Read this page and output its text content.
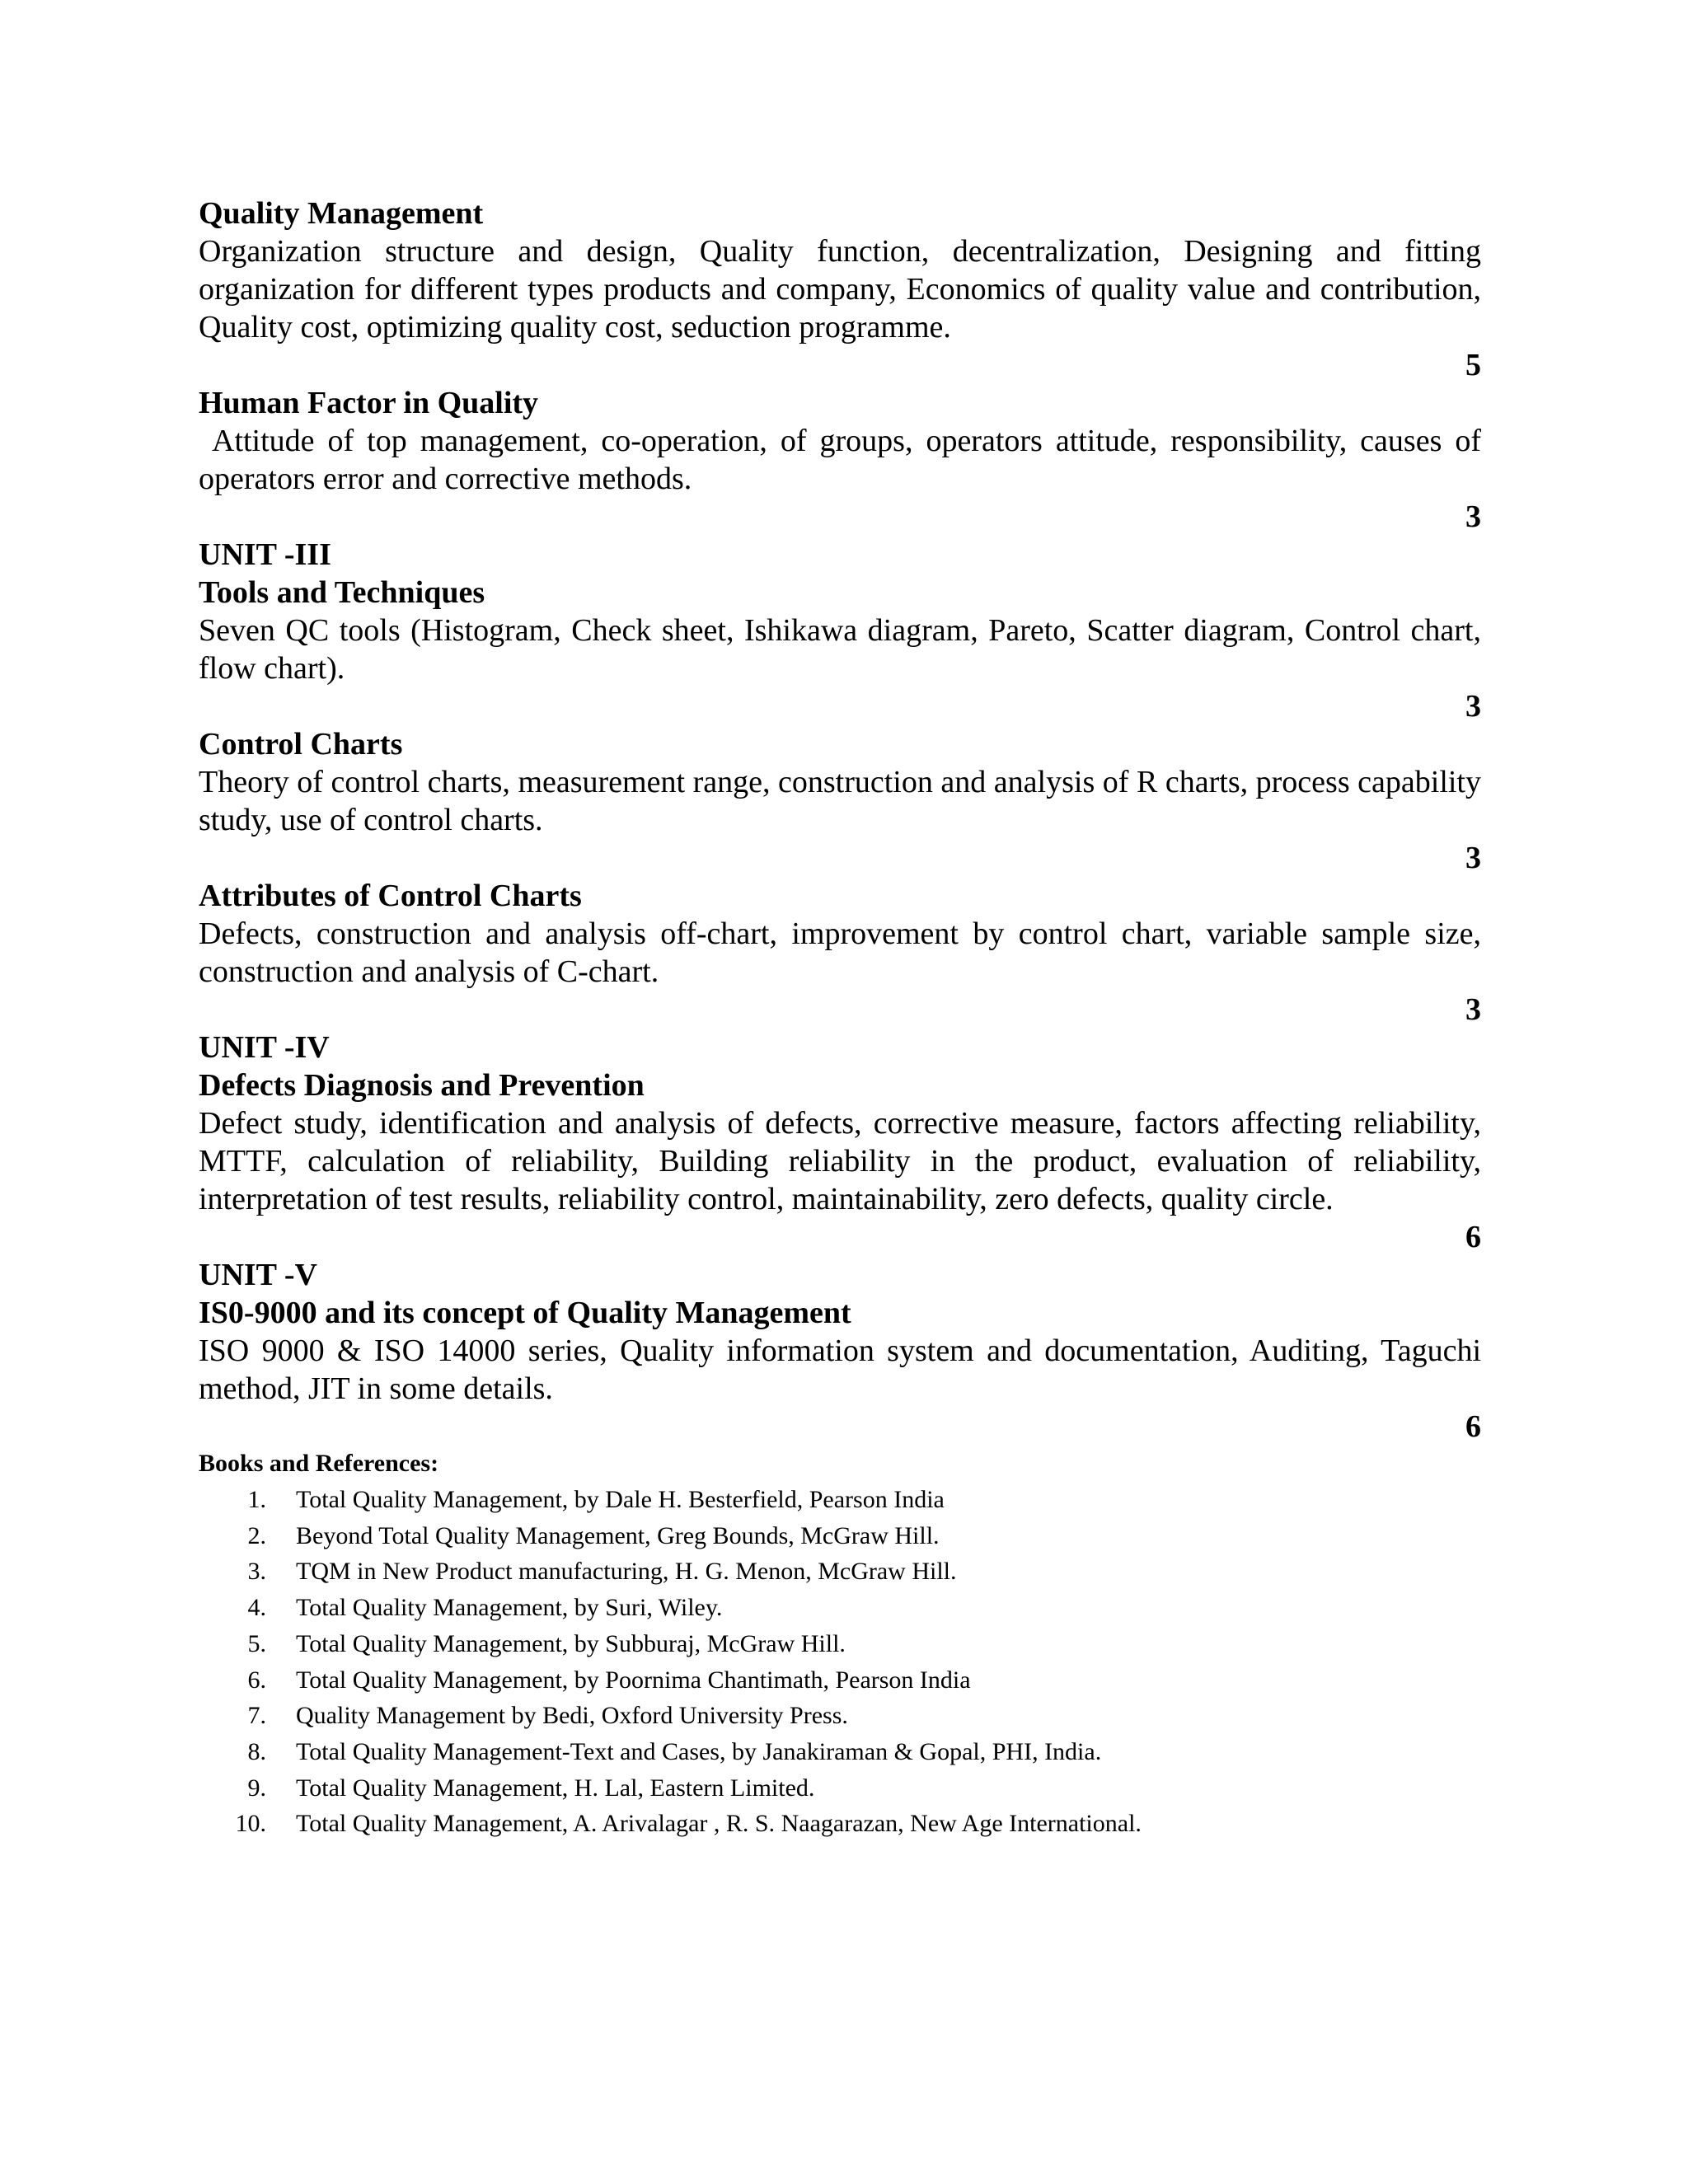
Quality Management

Organization structure and design, Quality function, decentralization, Designing and fitting organization for different types products and company, Economics of quality value and contribution, Quality cost, optimizing quality cost, seduction programme.

5

Human Factor in Quality

Attitude of top management, co-operation, of groups, operators attitude, responsibility, causes of operators error and corrective methods.

3

UNIT -III

Tools and Techniques

Seven QC tools (Histogram, Check sheet, Ishikawa diagram, Pareto, Scatter diagram, Control chart, flow chart).

3

Control Charts

Theory of control charts, measurement range, construction and analysis of R charts, process capability study, use of control charts.

3

Attributes of Control Charts

Defects, construction and analysis off-chart, improvement by control chart, variable sample size, construction and analysis of C-chart.

3

UNIT -IV

Defects Diagnosis and Prevention

Defect study, identification and analysis of defects, corrective measure, factors affecting reliability, MTTF, calculation of reliability, Building reliability in the product, evaluation of reliability, interpretation of test results, reliability control, maintainability, zero defects, quality circle.

6

UNIT -V

IS0-9000 and its concept of Quality Management

ISO 9000 & ISO 14000 series, Quality information system and documentation, Auditing, Taguchi method, JIT in some details.

6

Books and References:

1. Total Quality Management, by Dale H. Besterfield, Pearson India
2. Beyond Total Quality Management, Greg Bounds, McGraw Hill.
3. TQM in New Product manufacturing, H. G. Menon, McGraw Hill.
4. Total Quality Management, by Suri, Wiley.
5. Total Quality Management, by Subburaj, McGraw Hill.
6. Total Quality Management, by Poornima Chantimath, Pearson India
7. Quality Management by Bedi, Oxford University Press.
8. Total Quality Management-Text and Cases, by Janakiraman & Gopal, PHI, India.
9. Total Quality Management, H. Lal, Eastern Limited.
10. Total Quality Management, A. Arivalagar , R. S. Naagarazan, New Age International.
